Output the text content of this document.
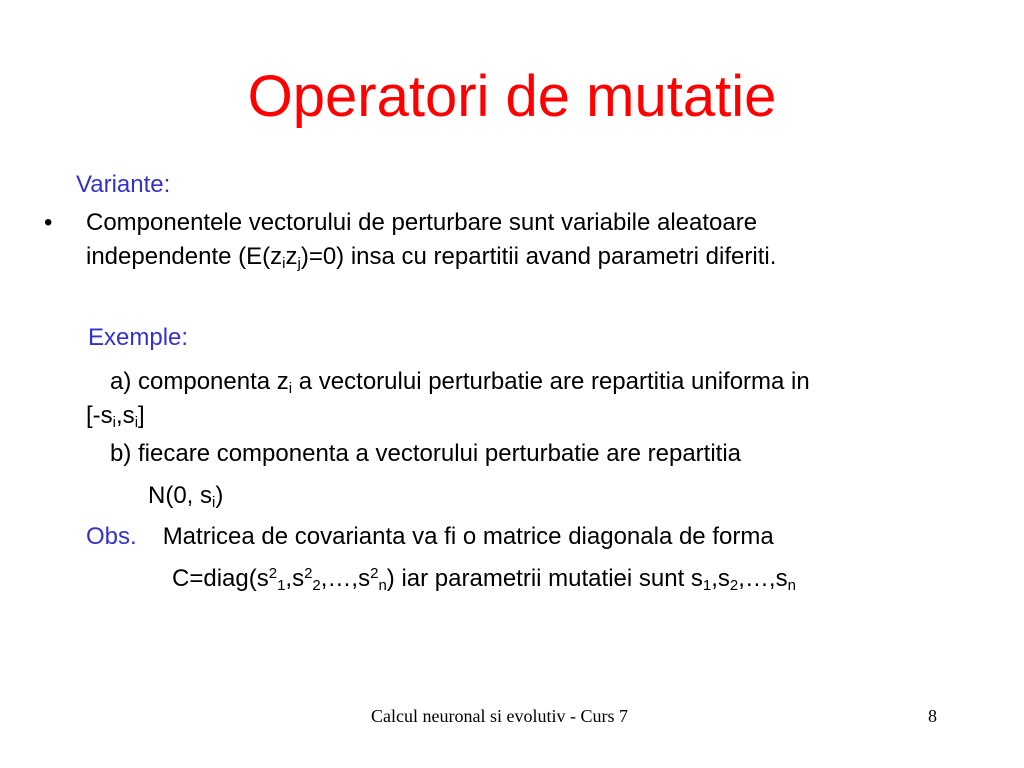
Operatori de mutatie
Variante:
• Componentele vectorului de perturbare sunt variabile aleatoare
independente $(E(z_iz_j)=0)$ insa cu repartitii avand parametri diferiti.
Exemple:
a) componenta $z_i$ a vectorului perturbatie are repartitia uniforma in
$[-s_i,s_i]$
b) fiecare componenta a vectorului perturbatie are repartitia
N(0, $s_i$)
Obs. Matricea de covarianta va fi o matrice diagonala de forma
$C=diag(s^2_1,s^2_2,\dots,s^2_n)$ iar parametrii mutatiei sunt $s_1,s_2,\dots,s_n$
Calcul neuronal si evolutiv - Curs 7	8
